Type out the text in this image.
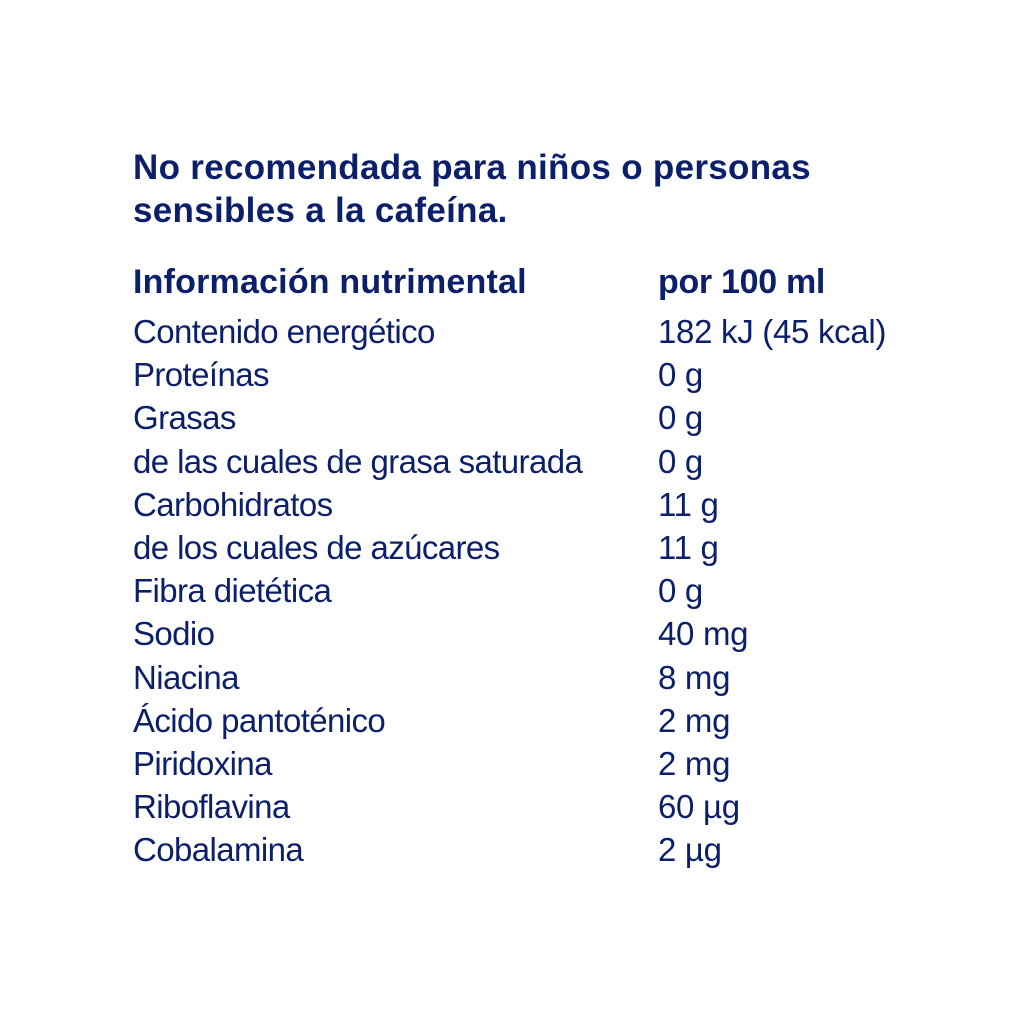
No recomendada para niños o personas
sensibles a la cafeína.

Información nutrimental	por 100 ml
Contenido energético	182 kJ (45 kcal)
Proteínas	0 g
Grasas	0 g
de las cuales de grasa saturada	0 g
Carbohidratos	11 g
de los cuales de azúcares	11 g
Fibra dietética	0 g
Sodio	40 mg
Niacina	8 mg
Ácido pantoténico	2 mg
Piridoxina	2 mg
Riboflavina	60 µg
Cobalamina	2 µg
